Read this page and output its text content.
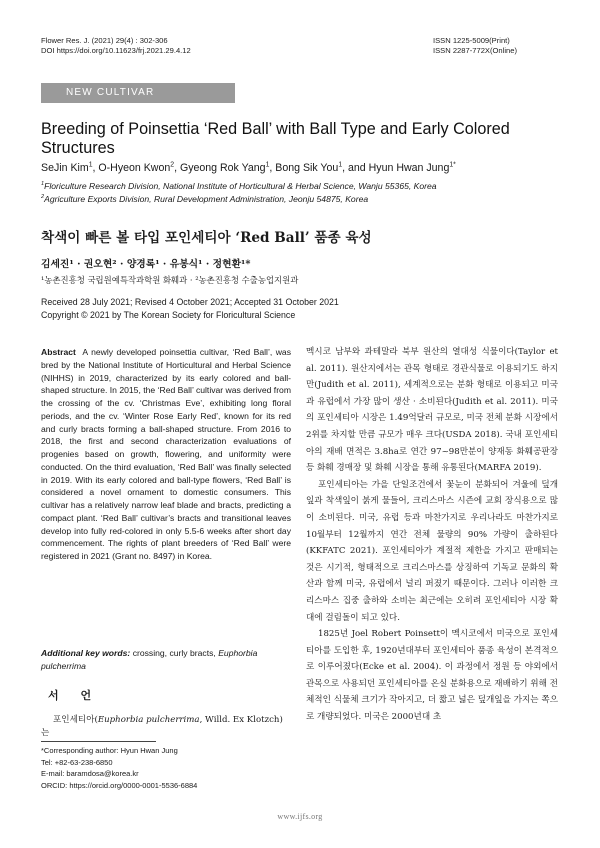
Flower Res. J. (2021) 29(4) : 302-306
DOI https://doi.org/10.11623/frj.2021.29.4.12
ISSN 1225-5009(Print)
ISSN 2287-772X(Online)
NEW CULTIVAR INTRODUCTION
Breeding of Poinsettia ‘Red Ball’ with Ball Type and Early Colored Structures
SeJin Kim$^1$, O-Hyeon Kwon$^2$, Gyeong Rok Yang$^1$, Bong Sik You$^1$, and Hyun Hwan Jung$^{1*}$
$^1$Floriculture Research Division, National Institute of Horticultural & Herbal Science, Wanju 55365, Korea
$^2$Agriculture Exports Division, Rural Development Administration, Jeonju 54875, Korea
착색이 빠른 볼 타입 포인세티아 ‘Red Ball’ 품종 육성
김세진¹ · 권오현² · 양경록¹ · 유봉식¹ · 정현환¹*
¹농촌진흥청 국립원예특작과학원 화훼과 · ²농촌진흥청 수출농업지원과
Received 28 July 2021; Revised 4 October 2021; Accepted 31 October 2021
Copyright © 2021 by The Korean Society for Floricultural Science

Abstract A newly developed poinsettia cultivar, ‘Red Ball’, was bred by the National Institute of Horticultural and Herbal Science (NIHHS) in 2019, characterized by its early colored and ball-shaped structure. In 2015, the ‘Red Ball’ cultivar was derived from the crossing of the cv. ‘Christmas Eve’, exhibiting long floral periods, and the cv. ‘Winter Rose Early Red’, known for its red and curly bracts forming a ball-shaped structure. From 2016 to 2018, the first and second characterization evaluations of progenies based on growth, flowering, and uniformity were conducted. On the third evaluation, ‘Red Ball’ was finally selected in 2019. With its early colored and ball-type flowers, ‘Red Ball’ is considered a novel ornament to domestic consumers. This cultivar has a relatively narrow leaf blade and bracts, predicting a compact plant. ‘Red Ball’ cultivar’s bracts and transitional leaves develop into fully red-colored in only 5.5-6 weeks after short day commencement. The rights of plant breeders of ‘Red Ball’ were registered in 2021 (Grant no. 8497) in Korea.

Additional key words: crossing, curly bracts, Euphorbia pulcherrima

서 언

포인세티아(Euphorbia pulcherrima, Willd. Ex Klotzch)는

*Corresponding author: Hyun Hwan Jung
Tel: +82-63-238-6850
E-mail: baramdosa@korea.kr
ORCID: https://orcid.org/0000-0001-5536-6884

멕시코 남부와 과테말라 북부 원산의 열대성 식물이다(Taylor et al. 2011). 원산지에서는 관목 형태로 경관식물로 이용되기도 하지만(Judith et al. 2011), 세계적으로는 분화 형태로 이용되고 미국과 유럽에서 가장 많이 생산 · 소비된다(Judith et al. 2011). 미국의 포인세티아 시장은 1.49억달러 규모로, 미국 전체 분화 시장에서 2위를 차지할 만큼 규모가 매우 크다(USDA 2018). 국내 포인세티아의 재배 면적은 3.8ha로 연간 97~98만분이 양재동 화훼공판장 등 화훼 경매장 및 화훼 시장을 통해 유통된다(MARFA 2019).

포인세티아는 가을 단일조건에서 꽃눈이 분화되어 겨울에 덮개잎과 착색잎이 붉게 물들어, 크리스마스 시즌에 교회 장식용으로 많이 소비된다. 미국, 유럽 등과 마찬가지로 우리나라도 마찬가지로 10월부터 12월까지 연간 전체 물량의 90% 가량이 출하된다(KKFATC 2021). 포인세티아가 계절적 제한을 가지고 판매되는 것은 시기적, 형태적으로 크리스마스를 상징하여 기독교 문화의 확산과 함께 미국, 유럽에서 널리 퍼졌기 때문이다. 그러나 이러한 크리스마스 집중 출하와 소비는 최근에는 오히려 포인세티아 시장 확대에 걸림돌이 되고 있다.

1825년 Joel Robert Poinsett이 멕시코에서 미국으로 포인세티아를 도입한 후, 1920년대부터 포인세티아 품종 육성이 본격적으로 이루어졌다(Ecke et al. 2004). 이 과정에서 정원 등 야외에서 관목으로 사용되던 포인세티아를 온실 분화용으로 재배하기 위해 전체적인 식물체 크기가 작아지고, 더 짧고 넓은 덮개잎을 가지는 쪽으로 개량되었다. 미국은 2000년대 초

www.ijfs.org
